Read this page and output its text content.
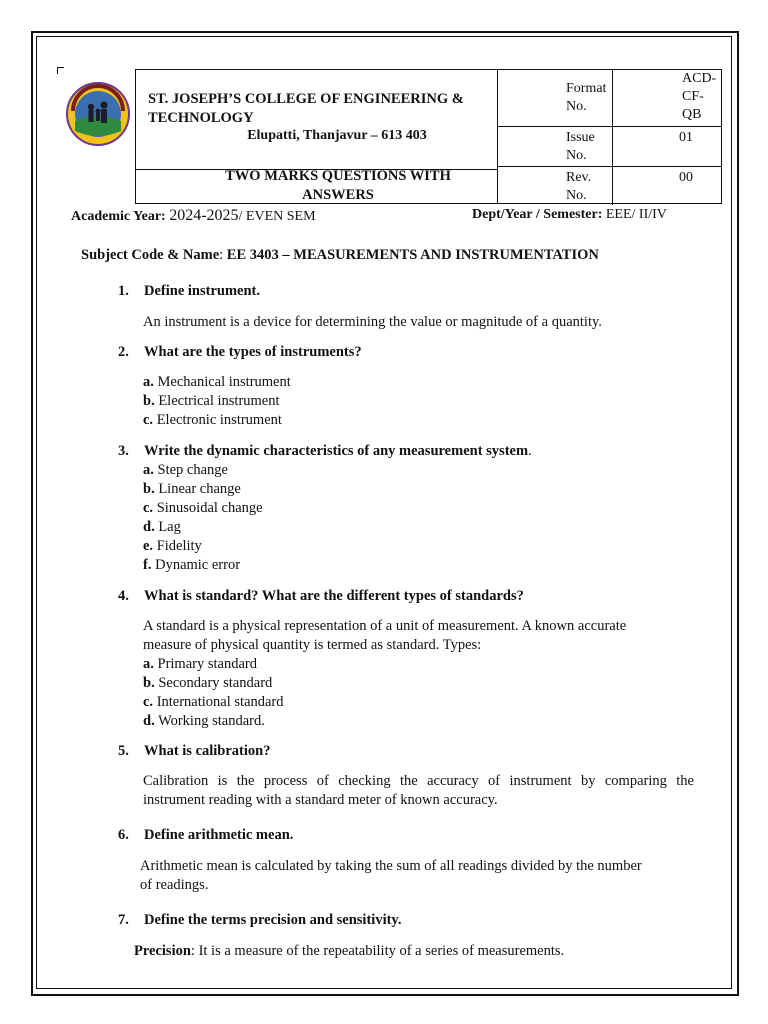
ST. JOSEPH’S COLLEGE OF ENGINEERING & TECHNOLOGY
Elupatti, Thanjavur – 613 403
TWO MARKS QUESTIONS WITH ANSWERS
Format No.
ACD-CF-QB
Issue No.
01
Rev. No.
00
Academic Year: 2024-2025/ EVEN SEM	Dept/Year / Semester: EEE/ II/IV
Subject Code & Name: EE 3403 – MEASUREMENTS AND INSTRUMENTATION
1. Define instrument.
An instrument is a device for determining the value or magnitude of a quantity.
2. What are the types of instruments?
a. Mechanical instrument
b. Electrical instrument
c. Electronic instrument
3. Write the dynamic characteristics of any measurement system.
a. Step change
b. Linear change
c. Sinusoidal change
d. Lag
e. Fidelity
f. Dynamic error
4. What is standard? What are the different types of standards?
A standard is a physical representation of a unit of measurement. A known accurate
measure of physical quantity is termed as standard. Types:
a. Primary standard
b. Secondary standard
c. International standard
d. Working standard.
5. What is calibration?
Calibration is the process of checking the accuracy of instrument by comparing the
instrument reading with a standard meter of known accuracy.
6. Define arithmetic mean.
Arithmetic mean is calculated by taking the sum of all readings divided by the number
of readings.
7. Define the terms precision and sensitivity.
Precision: It is a measure of the repeatability of a series of measurements.
